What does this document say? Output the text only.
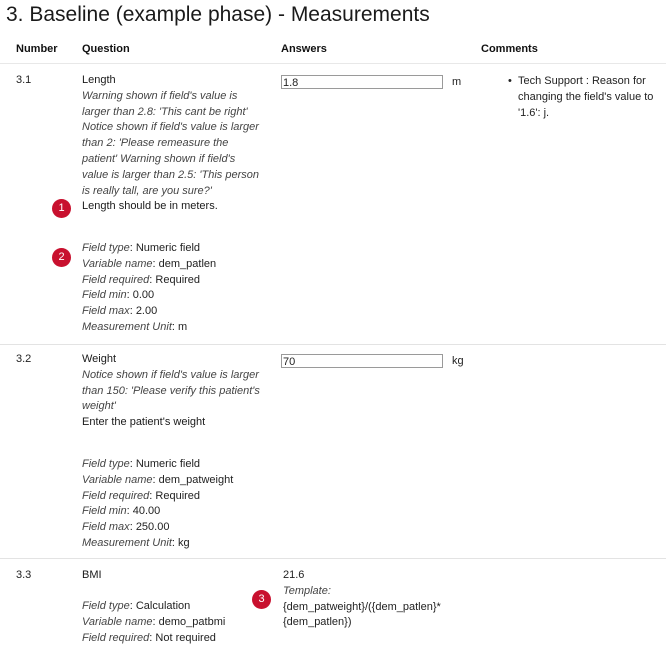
3. Baseline (example phase) - Measurements
Number Question	Answers	Comments
3.1	Length
Warning shown if field's value is
larger than 2.8: 'This cant be right'
Notice shown if field's value is larger
than 2: 'Please remeasure the
patient' Warning shown if field's
value is larger than 2.5: 'This person
is really tall, are you sure?'
Length should be in meters.
Field type: Numeric field
Variable name: dem_patlen
Field required: Required
Field min: 0.00
Field max: 2.00
Measurement Unit: m
1.8	m
•	Tech Support : Reason for changing the field's value to '1.6': j.
1
2
3.2	Weight
Notice shown if field's value is larger
than 150: 'Please verify this patient's
weight'
Enter the patient's weight
Field type: Numeric field
Variable name: dem_patweight
Field required: Required
Field min: 40.00
Field max: 250.00
Measurement Unit: kg
70	kg
3.3	BMI
Field type: Calculation
Variable name: demo_patbmi
Field required: Not required
21.6
Template:
{dem_patweight}/({dem_patlen}*
{dem_patlen})
3
